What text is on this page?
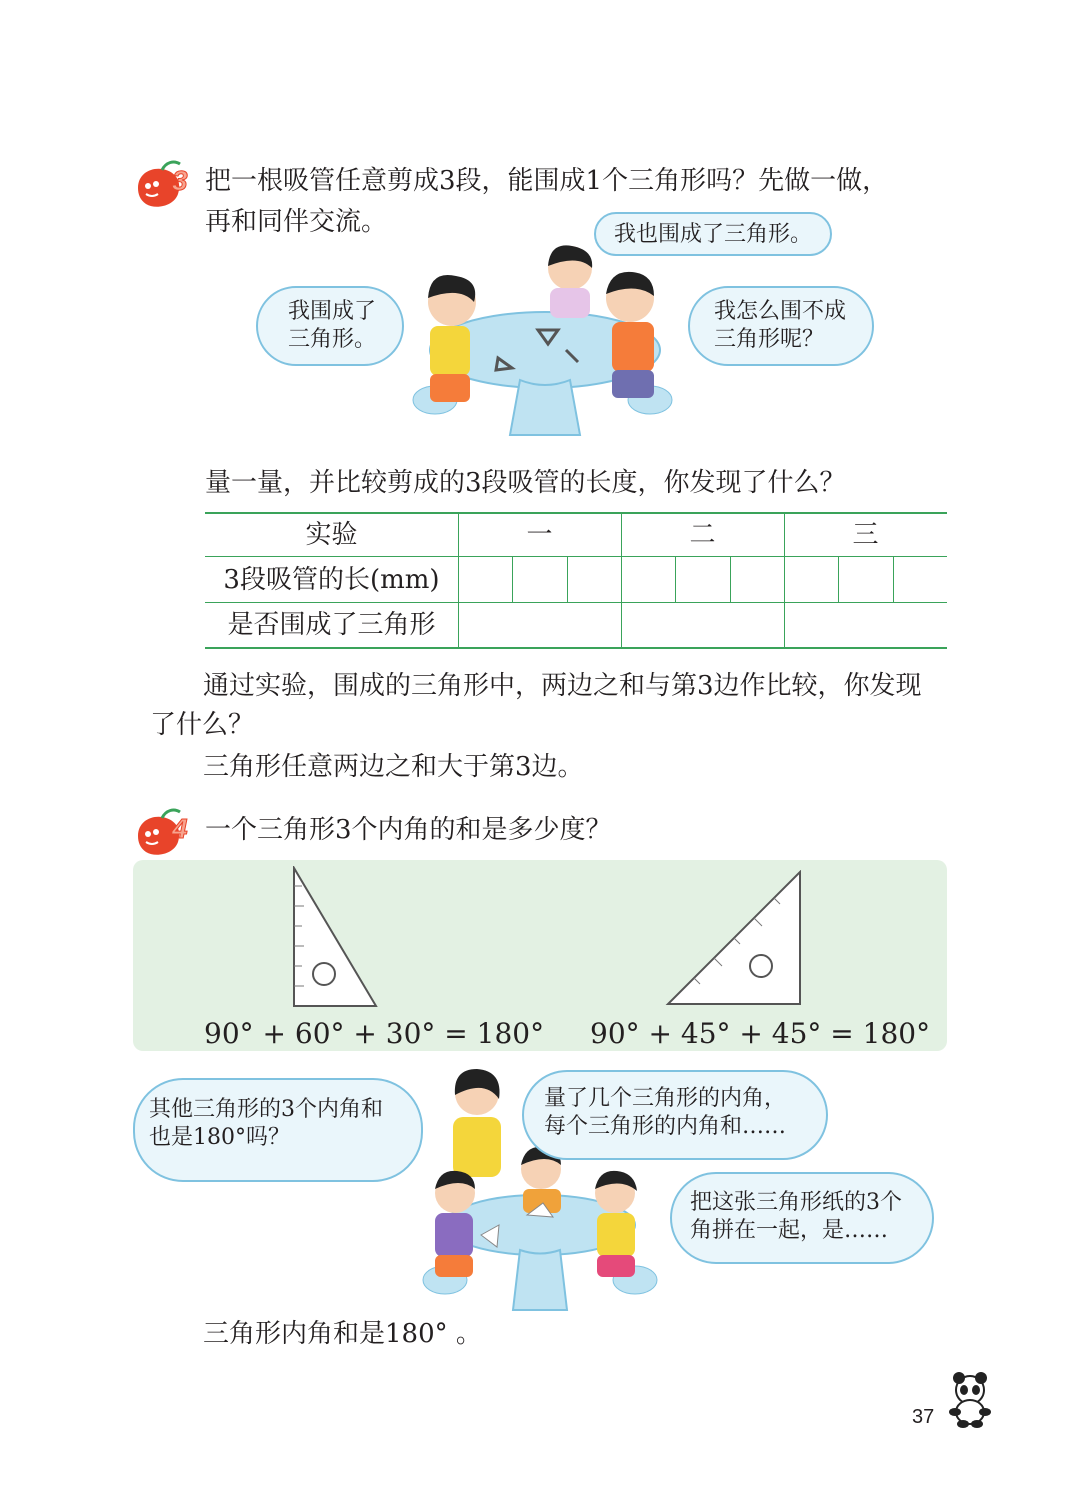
3 把一根吸管任意剪成3段，能围成1个三角形吗？先做一做，
再和同伴交流。	我也围成了三角形。
我围成了
三角形。
我怎么围不成
三角形呢？
量一量，并比较剪成的3段吸管的长度，你发现了什么？
实验	一	二	三
3段吸管的长(mm)
是否围成了三角形
通过实验，围成的三角形中，两边之和与第3边作比较，你发现
了什么？
三角形任意两边之和大于第3边。
4 一个三角形3个内角的和是多少度？
90° + 60° + 30° = 180° 90° + 45° + 45° = 180°
其他三角形的3个内角和
也是180°吗？
量了几个三角形的内角，
每个三角形的内角和……
把这张三角形纸的3个
角拼在一起，是……
三角形内角和是180° 。
37
